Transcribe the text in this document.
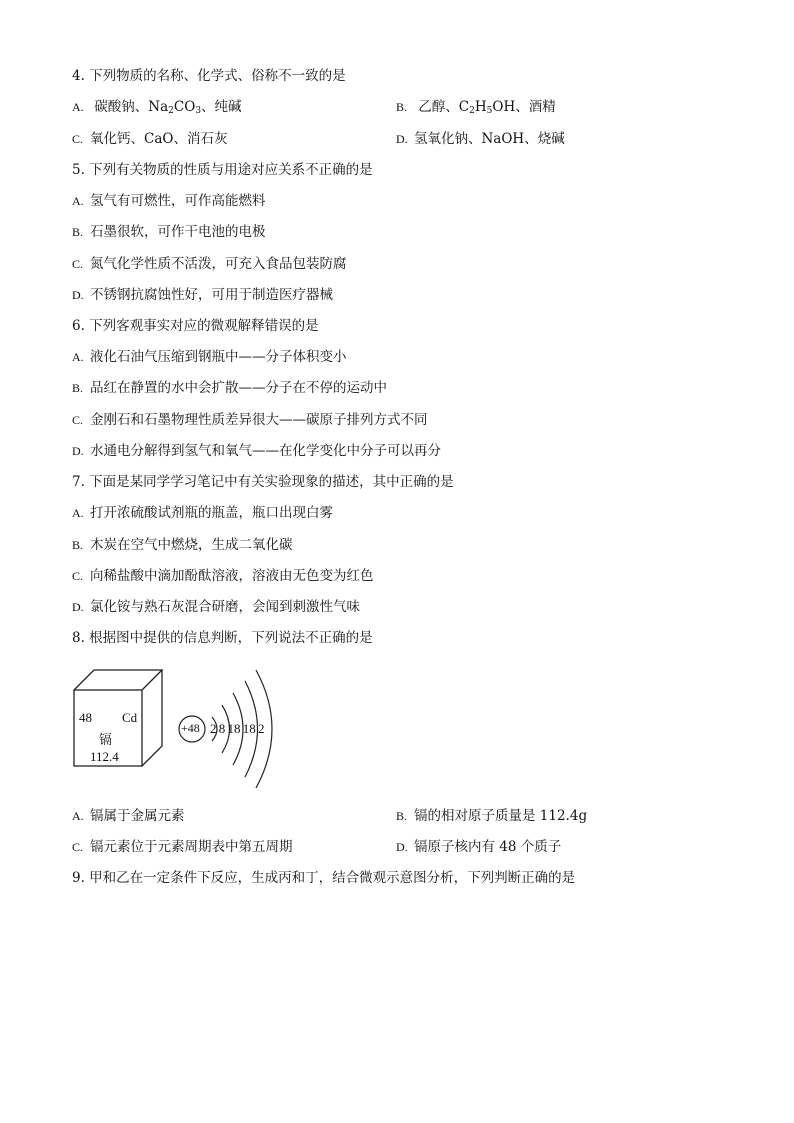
4. 下列物质的名称、化学式、俗称不一致的是
A. 碳酸钠、$Na_2CO_3$、纯碱	B. 乙醇、$C_2H_5OH$、酒精
C. 氧化钙、CaO、消石灰	D. 氢氧化钠、NaOH、烧碱
5. 下列有关物质的性质与用途对应关系不正确的是
A. 氢气有可燃性，可作高能燃料
B. 石墨很软，可作干电池的电极
C. 氮气化学性质不活泼，可充入食品包装防腐
D. 不锈钢抗腐蚀性好，可用于制造医疗器械
6. 下列客观事实对应的微观解释错误的是
A. 液化石油气压缩到钢瓶中——分子体积变小
B. 品红在静置的水中会扩散——分子在不停的运动中
C. 金刚石和石墨物理性质差异很大——碳原子排列方式不同
D. 水通电分解得到氢气和氧气——在化学变化中分子可以再分
7. 下面是某同学学习笔记中有关实验现象的描述，其中正确的是
A. 打开浓硫酸试剂瓶的瓶盖，瓶口出现白雾
B. 木炭在空气中燃烧，生成二氧化碳
C. 向稀盐酸中滴加酚酞溶液，溶液由无色变为红色
D. 氯化铵与熟石灰混合研磨，会闻到刺激性气味
8. 根据图中提供的信息判断，下列说法不正确的是
48 Cd
镉
112.4
+48 2 8 18 18 2
A. 镉属于金属元素	B. 镉的相对原子质量是 112.4g
C. 镉元素位于元素周期表中第五周期	D. 镉原子核内有 48 个质子
9. 甲和乙在一定条件下反应，生成丙和丁，结合微观示意图分析，下列判断正确的是
